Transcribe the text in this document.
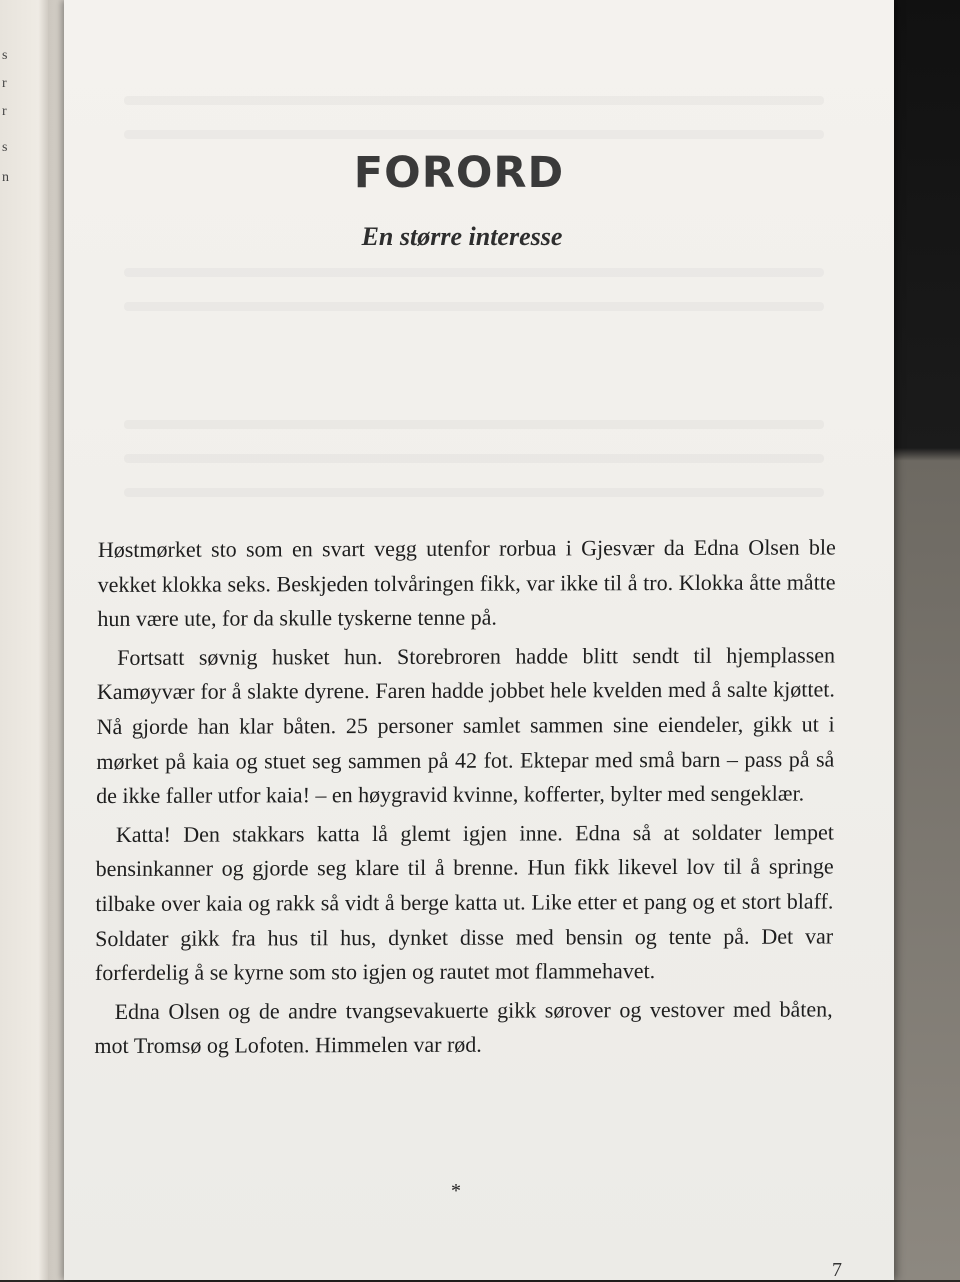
s
r
r
s
n	FORORD
En større interesse

Høstmørket sto som en svart vegg utenfor rorbua i Gjesvær da Edna Olsen ble vekket klokka seks. Beskjeden tolvåringen fikk, var ikke til å tro. Klokka åtte måtte hun være ute, for da skulle tyskerne tenne på.

Fortsatt søvnig husket hun. Storebroren hadde blitt sendt til hjemplassen Kamøyvær for å slakte dyrene. Faren hadde jobbet hele kvelden med å salte kjøttet. Nå gjorde han klar båten. 25 personer samlet sammen sine eiendeler, gikk ut i mørket på kaia og stuet seg sammen på 42 fot. Ektepar med små barn – pass på så de ikke faller utfor kaia! – en høygravid kvinne, kofferter, bylter med sengeklær.

Katta! Den stakkars katta lå glemt igjen inne. Edna så at soldater lempet bensinkanner og gjorde seg klare til å brenne. Hun fikk likevel lov til å springe tilbake over kaia og rakk så vidt å berge katta ut. Like etter et pang og et stort blaff. Soldater gikk fra hus til hus, dynket disse med bensin og tente på. Det var forferdelig å se kyrne som sto igjen og rautet mot flammehavet.

Edna Olsen og de andre tvangsevakuerte gikk sørover og vestover med båten, mot Tromsø og Lofoten. Himmelen var rød.

*
7
